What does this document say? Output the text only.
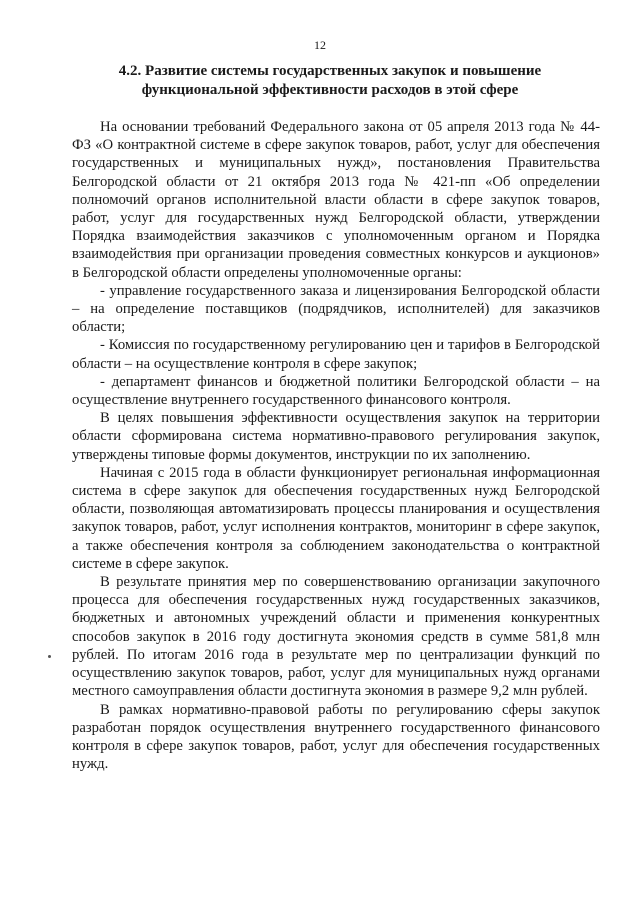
12
4.2. Развитие системы государственных закупок и повышение
функциональной эффективности расходов в этой сфере

На основании требований Федерального закона от 05 апреля 2013 года № 44-ФЗ «О контрактной системе в сфере закупок товаров, работ, услуг для обеспечения государственных и муниципальных нужд», постановления Правительства Белгородской области от 21 октября 2013 года № 421-пп «Об определении полномочий органов исполнительной власти области в сфере закупок товаров, работ, услуг для государственных нужд Белгородской области, утверждении Порядка взаимодействия заказчиков с уполномоченным органом и Порядка взаимодействия при организации проведения совместных конкурсов и аукционов» в Белгородской области определены уполномоченные органы:

- управление государственного заказа и лицензирования Белгородской области – на определение поставщиков (подрядчиков, исполнителей) для заказчиков области;

- Комиссия по государственному регулированию цен и тарифов в Белгородской области – на осуществление контроля в сфере закупок;

- департамент финансов и бюджетной политики Белгородской области – на осуществление внутреннего государственного финансового контроля.

В целях повышения эффективности осуществления закупок на территории области сформирована система нормативно-правового регулирования закупок, утверждены типовые формы документов, инструкции по их заполнению.

Начиная с 2015 года в области функционирует региональная информационная система в сфере закупок для обеспечения государственных нужд Белгородской области, позволяющая автоматизировать процессы планирования и осуществления закупок товаров, работ, услуг исполнения контрактов, мониторинг в сфере закупок, а также обеспечения контроля за соблюдением законодательства о контрактной системе в сфере закупок.

В результате принятия мер по совершенствованию организации закупочного процесса для обеспечения государственных нужд государственных заказчиков, бюджетных и автономных учреждений области и применения конкурентных способов закупок в 2016 году достигнута экономия средств в сумме 581,8 млн рублей. По итогам 2016 года в результате мер по централизации функций по осуществлению закупок товаров, работ, услуг для муниципальных нужд органами местного самоуправления области достигнута экономия в размере 9,2 млн рублей.

В рамках нормативно-правовой работы по регулированию сферы закупок разработан порядок осуществления внутреннего государственного финансового контроля в сфере закупок товаров, работ, услуг для обеспечения государственных нужд.
